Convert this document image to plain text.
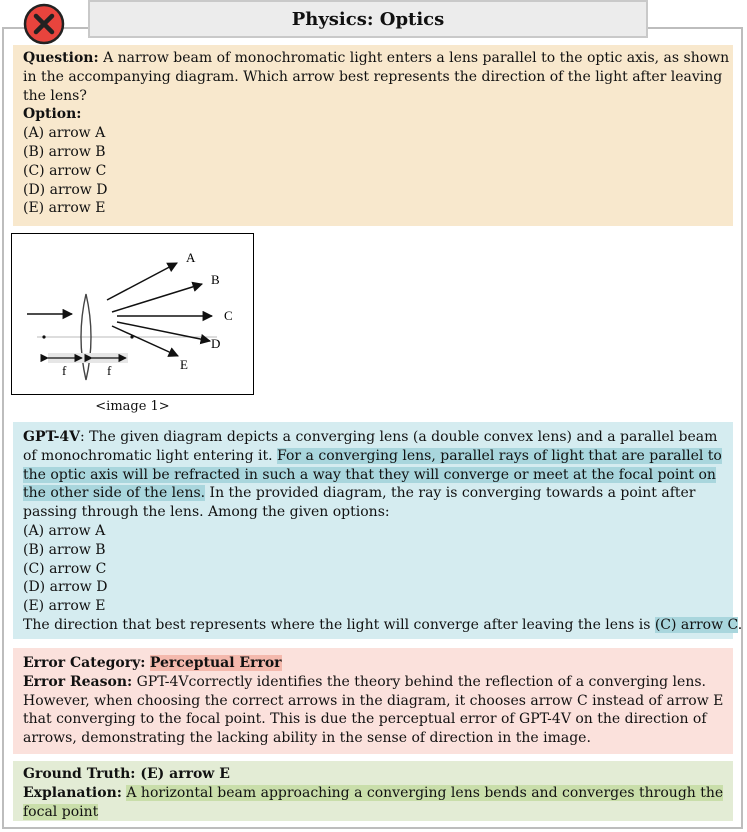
Physics: Optics
Question: A narrow beam of monochromatic light enters a lens parallel to the optic axis, as shown
in the accompanying diagram. Which arrow best represents the direction of the light after leaving
the lens?
Option:
(A) arrow A
(B) arrow B
(C) arrow C
(D) arrow D
(E) arrow E
A
B
C
D
E
f	f
<image 1>
GPT-4V: The given diagram depicts a converging lens (a double convex lens) and a parallel beam
of monochromatic light entering it. For a converging lens, parallel rays of light that are parallel to
the optic axis will be refracted in such a way that they will converge or meet at the focal point on
the other side of the lens. In the provided diagram, the ray is converging towards a point after
passing through the lens. Among the given options:
(A) arrow A
(B) arrow B
(C) arrow C
(D) arrow D
(E) arrow E
The direction that best represents where the light will converge after leaving the lens is (C) arrow C.
Error Category: Perceptual Error
Error Reason: GPT-4Vcorrectly identifies the theory behind the reflection of a converging lens.
However, when choosing the correct arrows in the diagram, it chooses arrow C instead of arrow E
that converging to the focal point. This is due the perceptual error of GPT-4V on the direction of
arrows, demonstrating the lacking ability in the sense of direction in the image.
Ground Truth: (E) arrow E
Explanation: A horizontal beam approaching a converging lens bends and converges through the
focal point
